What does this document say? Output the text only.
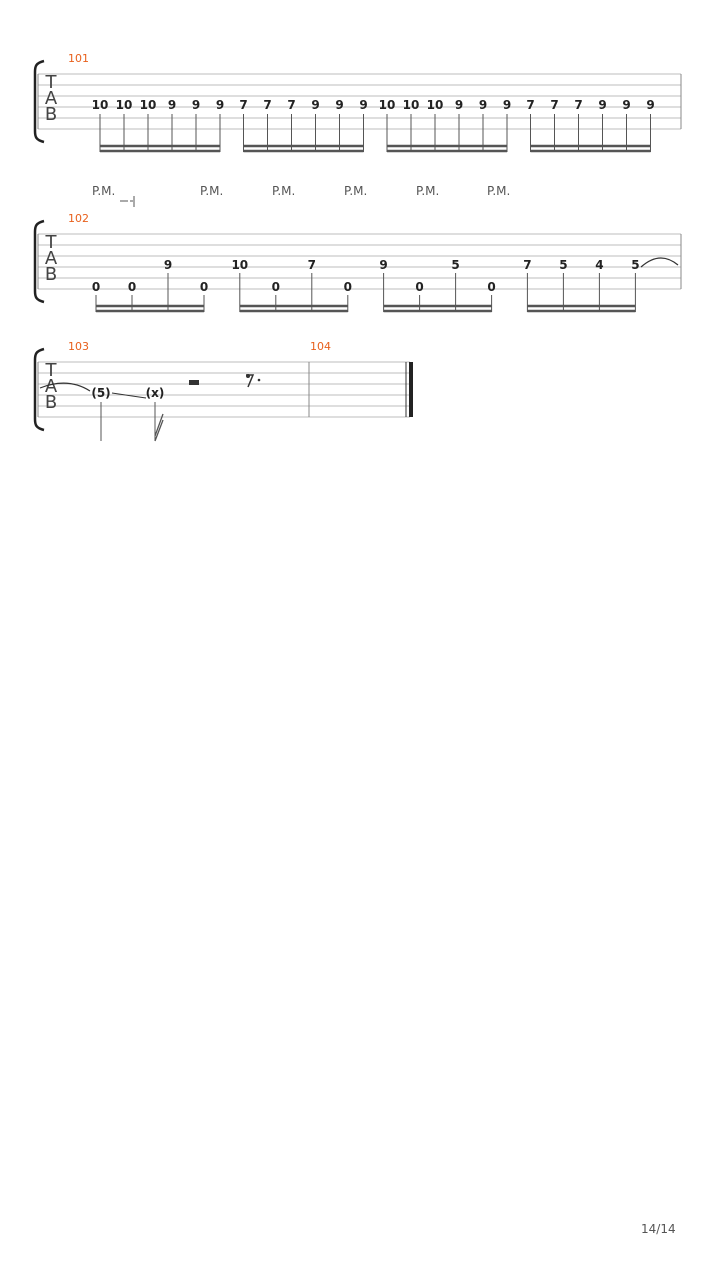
101
102
103	104
T
A
B	10 10 10 9 9 9 7 7 7 9 9 9 10 10 10 9 9 9 7 7 7 9 9 9
P.M.	P.M.	P.M.	P.M.	P.M.	P.M.
T
A
B
0 0
9
0
10
0
7
0
9
0
5
0
7 5 4 5
T
A
B	(5)	(x)
14/14
